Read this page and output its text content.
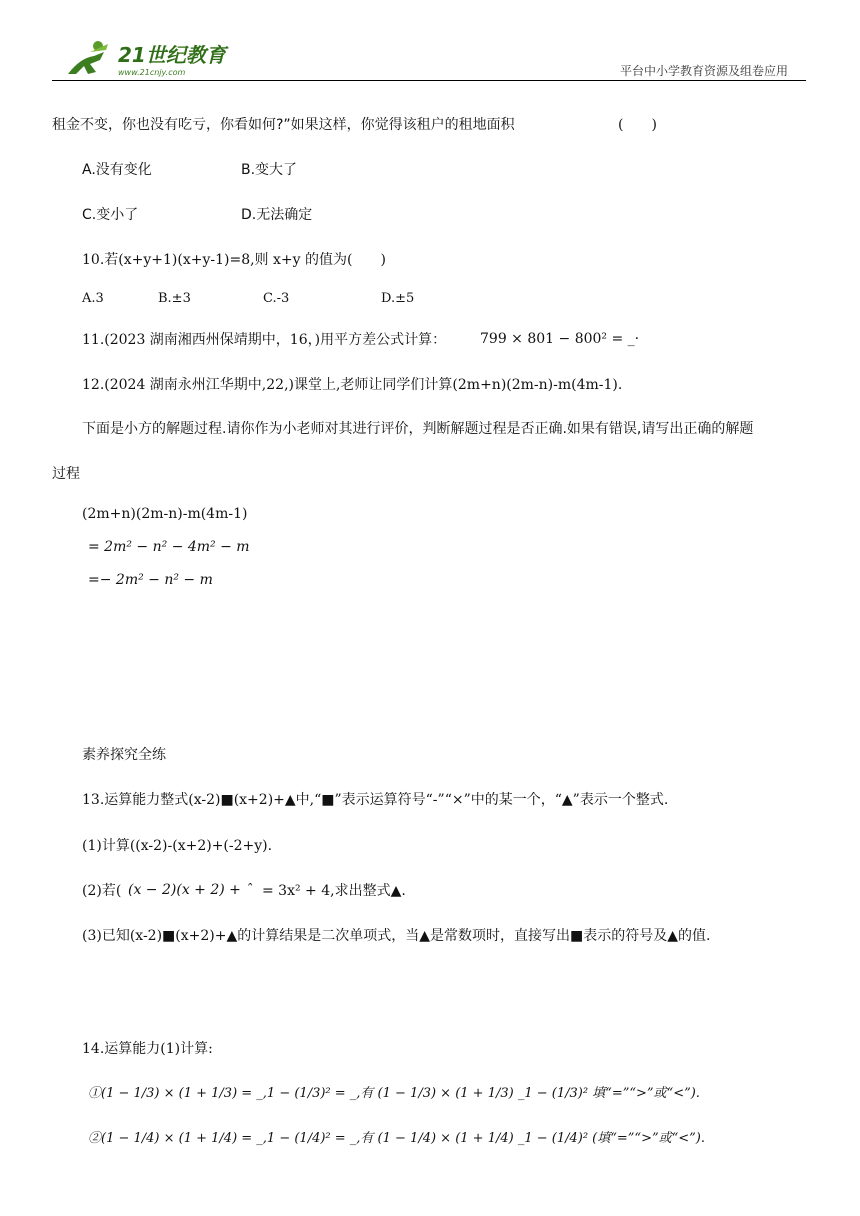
21世纪教育
www.21cnjy.com	平台中小学教育资源及组卷应用
租金不变，你也没有吃亏，你看如何?”如果这样，你觉得该租户的租地面积	(　　)
A.没有变化	B.变大了
C.变小了	D.无法确定
10.若(x+y+1)(x+y-1)=8,则 x+y 的值为(　　)
A.3	B.±3	C.-3	D.±5
11.(2023 湖南湘西州保靖期中，16，)用平方差公式计算： 799 × 801 − 800² = _·
12.(2024 湖南永州江华期中,22,)课堂上,老师让同学们计算(2m+n)(2m-n)-m(4m-1).
下面是小方的解题过程.请你作为小老师对其进行评价，判断解题过程是否正确.如果有错误,请写出正确的解题
过程
(2m+n)(2m-n)-m(4m-1)
= 2m² − n² − 4m² − m
=− 2m² − n² − m
素养探究全练
13.运算能力整式(x-2)■(x+2)+▲中,“■”表示运算符号“-”“×”中的某一个，“▲”表示一个整式.
(1)计算((x-2)-(x+2)+(-2+y).
(2)若( (x − 2)(x + 2) + ˆ = 3x² + 4,求出整式▲.
(3)已知(x-2)■(x+2)+▲的计算结果是二次单项式，当▲是常数项时，直接写出■表示的符号及▲的值.
14.运算能力(1)计算:
①(1 − 1/3) × (1 + 1/3) = _,1 − (1/3)² = _,有 (1 − 1/3) × (1 + 1/3) _1 − (1/3)² 填“=”“>”或“<”).
②(1 − 1/4) × (1 + 1/4) = _,1 − (1/4)² = _,有 (1 − 1/4) × (1 + 1/4) _1 − (1/4)² (填“=”“>”或“<”).
